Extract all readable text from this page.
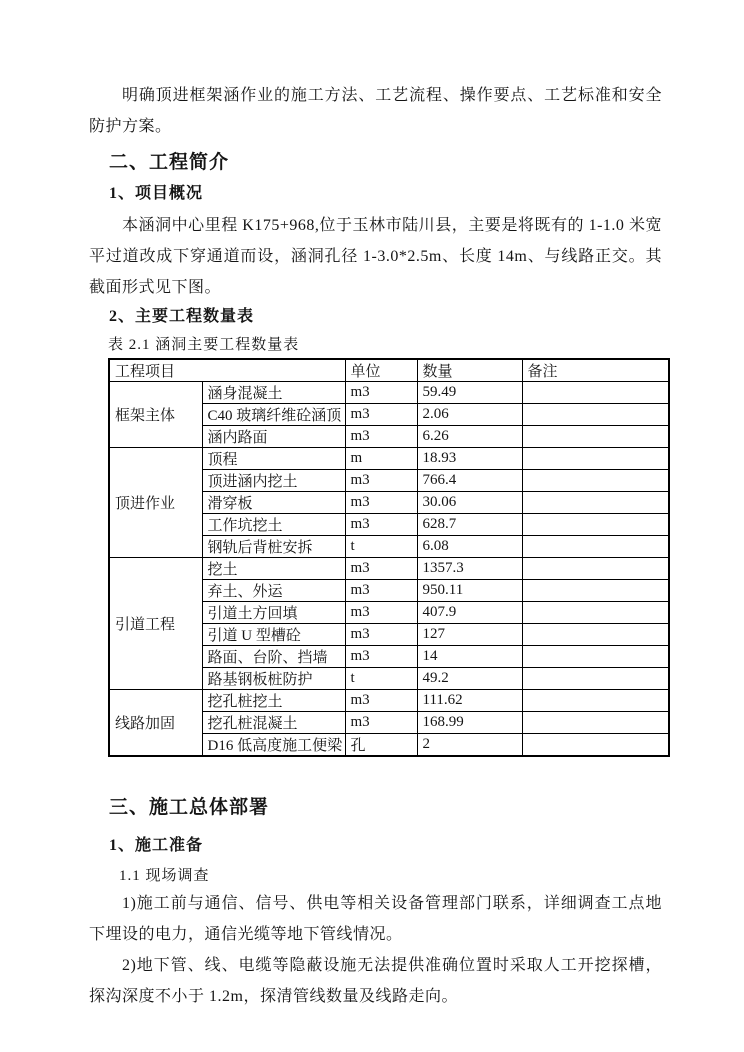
明确顶进框架涵作业的施工方法、工艺流程、操作要点、工艺标准和安全防护方案。

二、工程简介
1、项目概况

本涵洞中心里程 K175+968,位于玉林市陆川县，主要是将既有的 1-1.0 米宽平过道改成下穿通道而设，涵洞孔径 1-3.0*2.5m、长度 14m、与线路正交。其截面形式见下图。

2、主要工程数量表

表 2.1 涵洞主要工程数量表

工程项目		单位	数量	备注
框架主体	涵身混凝土	m3	59.49	
	C40 玻璃纤维砼涵顶	m3	2.06	
	涵内路面	m3	6.26	
顶进作业	顶程	m	18.93	
	顶进涵内挖土	m3	766.4	
	滑穿板	m3	30.06	
	工作坑挖土	m3	628.7	
	钢轨后背桩安拆	t	6.08	
引道工程	挖土	m3	1357.3	
	弃土、外运	m3	950.11	
	引道土方回填	m3	407.9	
	引道 U 型槽砼	m3	127	
	路面、台阶、挡墙	m3	14	
	路基钢板桩防护	t	49.2	
线路加固	挖孔桩挖土	m3	111.62	
	挖孔桩混凝土	m3	168.99	
	D16 低高度施工便梁	孔	2	
三、施工总体部署
1、施工准备

1.1 现场调查

1)施工前与通信、信号、供电等相关设备管理部门联系，详细调查工点地下埋设的电力，通信光缆等地下管线情况。

2)地下管、线、电缆等隐蔽设施无法提供准确位置时采取人工开挖探槽，探沟深度不小于 1.2m，探清管线数量及线路走向。
